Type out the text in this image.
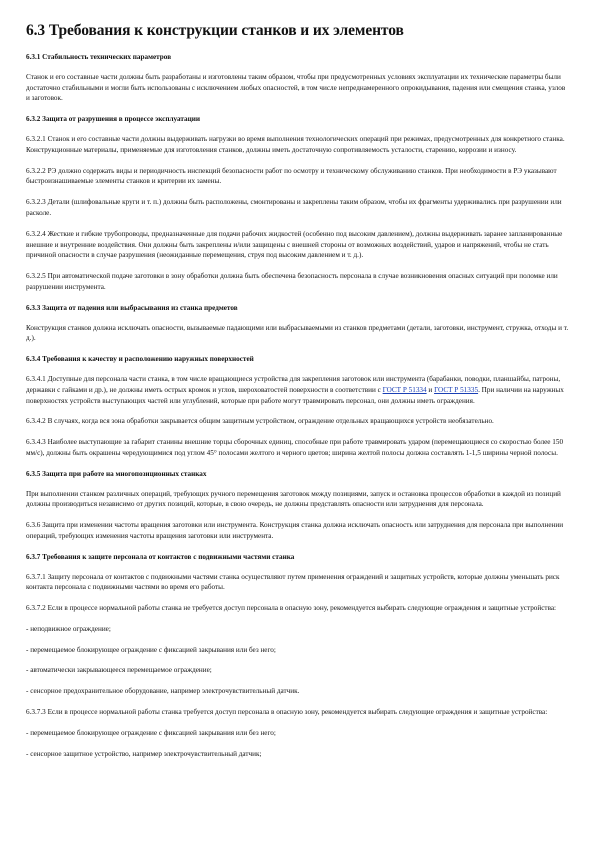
6.3 Требования к конструкции станков и их элементов
6.3.1 Стабильность технических параметров
Станок и его составные части должны быть разработаны и изготовлены таким образом, чтобы при предусмотренных условиях эксплуатации их технические параметры были достаточно стабильными и могли быть использованы с исключением любых опасностей, в том числе непреднамеренного опрокидывания, падения или смещения станка, узлов и заготовок.
6.3.2 Защита от разрушения в процессе эксплуатации
6.3.2.1 Станок и его составные части должны выдерживать нагрузки во время выполнения технологических операций при режимах, предусмотренных для конкретного станка. Конструкционные материалы, применяемые для изготовления станков, должны иметь достаточную сопротивляемость усталости, старению, коррозии и износу.
6.3.2.2 РЭ должно содержать виды и периодичность инспекций безопасности работ по осмотру и техническому обслуживанию станков. При необходимости в РЭ указывают быстроизнашиваемые элементы станков и критерии их замены.
6.3.2.3 Детали (шлифовальные круги и т. п.) должны быть расположены, смонтированы и закреплены таким образом, чтобы их фрагменты удерживались при разрушении или расколе.
6.3.2.4 Жесткие и гибкие трубопроводы, предназначенные для подачи рабочих жидкостей (особенно под высоким давлением), должны выдерживать заранее запланированные внешние и внутренние воздействия. Они должны быть закреплены и/или защищены с внешней стороны от возможных воздействий, ударов и напряжений, чтобы не стать причиной опасности в случае разрушения (неожиданные перемещения, струя под высоким давлением и т. д.).
6.3.2.5 При автоматической подаче заготовки в зону обработки должна быть обеспечена безопасность персонала в случае возникновения опасных ситуаций при поломке или разрушении инструмента.
6.3.3 Защита от падения или выбрасывания из станка предметов
Конструкция станков должна исключать опасности, вызываемые падающими или выбрасываемыми из станков предметами (детали, заготовки, инструмент, стружка, отходы и т. д.).
6.3.4 Требования к качеству и расположению наружных поверхностей
6.3.4.1 Доступные для персонала части станка, в том числе вращающиеся устройства для закрепления заготовок или инструмента (барабанки, поводки, планшайбы, патроны, державки с гайками и др.), не должны иметь острых кромок и углов, шероховатостей поверхности в соответствии с ГОСТ Р 51334 и ГОСТ Р 51335. При наличии на наружных поверхностях устройств выступающих частей или углублений, которые при работе могут травмировать персонал, они должны иметь ограждения.
6.3.4.2 В случаях, когда вся зона обработки закрывается общим защитным устройством, ограждение отдельных вращающихся устройств необязательно.
6.3.4.3 Наиболее выступающие за габарит станины внешние торцы сборочных единиц, способные при работе травмировать ударом (перемещающиеся со скоростью более 150 мм/с), должны быть окрашены чередующимися под углом 45° полосами желтого и черного цветов; ширина желтой полосы должна составлять 1-1,5 ширины черной полосы.
6.3.5 Защита при работе на многопозиционных станках
При выполнении станком различных операций, требующих ручного перемещения заготовок между позициями, запуск и остановка процессов обработки в каждой из позиций должны производиться независимо от других позиций, которые, в свою очередь, не должны представлять опасности или затруднения для персонала.
6.3.6 Защита при изменении частоты вращения заготовки или инструмента. Конструкция станка должна исключать опасность или затруднения для персонала при выполнении операций, требующих изменения частоты вращения заготовки или инструмента.
6.3.7 Требования к защите персонала от контактов с подвижными частями станка
6.3.7.1 Защиту персонала от контактов с подвижными частями станка осуществляют путем применения ограждений и защитных устройств, которые должны уменьшать риск контакта персонала с подвижными частями во время его работы.
6.3.7.2 Если в процессе нормальной работы станка не требуется доступ персонала в опасную зону, рекомендуется выбирать следующие ограждения и защитные устройства:
- неподвижное ограждение;
- перемещаемое блокирующее ограждение с фиксацией закрывания или без него;
- автоматически закрывающееся перемещаемое ограждение;
- сенсорное предохранительное оборудование, например электрочувствительный датчик.
6.3.7.3 Если в процессе нормальной работы станка требуется доступ персонала в опасную зону, рекомендуется выбирать следующие ограждения и защитные устройства:
- перемещаемое блокирующее ограждение с фиксацией закрывания или без него;
- сенсорное защитное устройство, например электрочувствительный датчик;
